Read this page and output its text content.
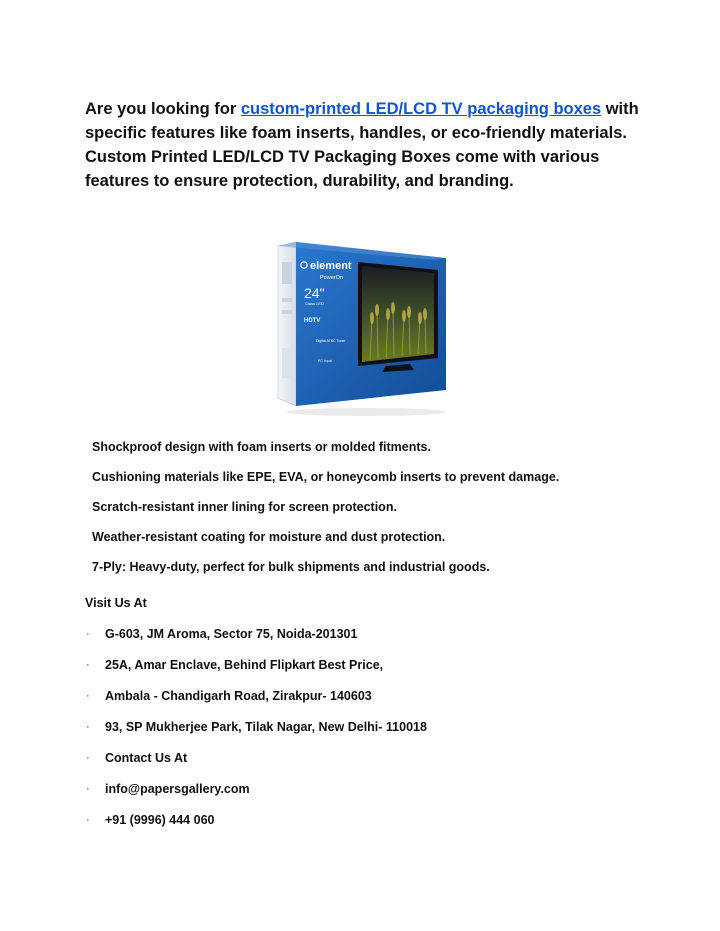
Are you looking for custom-printed LED/LCD TV packaging boxes with specific features like foam inserts, handles, or eco-friendly materials. Custom Printed LED/LCD TV Packaging Boxes come with various features to ensure protection, durability, and branding.

element
PowerOn
24"
Class LED
HDTV
Digital ATSC Tuner
PC Input
Shockproof design with foam inserts or molded fitments.
Cushioning materials like EPE, EVA, or honeycomb inserts to prevent damage.
Scratch-resistant inner lining for screen protection.
Weather-resistant coating for moisture and dust protection.
7-Ply: Heavy-duty, perfect for bulk shipments and industrial goods.

Visit Us At

· G-603, JM Aroma, Sector 75, Noida-201301
· 25A, Amar Enclave, Behind Flipkart Best Price,
· Ambala - Chandigarh Road, Zirakpur- 140603
· 93, SP Mukherjee Park, Tilak Nagar, New Delhi- 110018
· Contact Us At
· info@papersgallery.com
· +91 (9996) 444 060
